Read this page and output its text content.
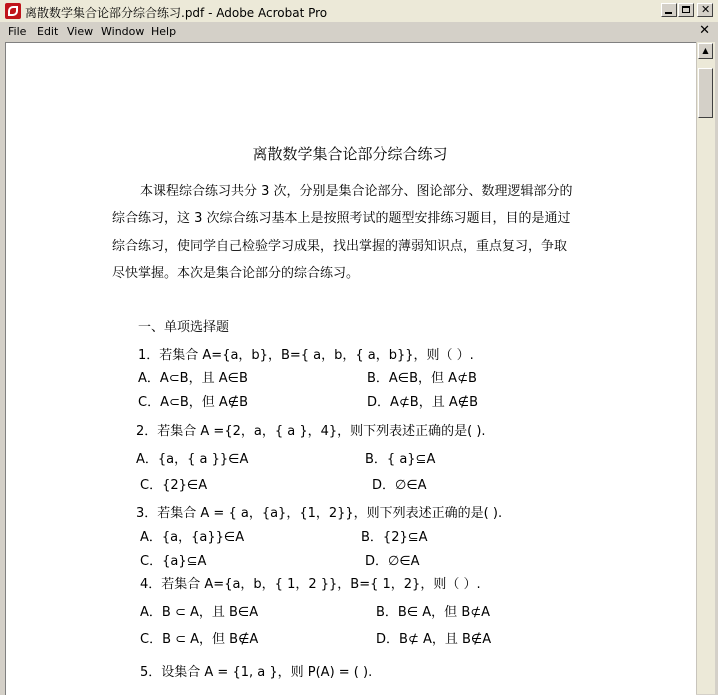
离散数学集合论部分综合练习.pdf - Adobe Acrobat Pro	✕
File Edit View Window Help	✕
▲
离散数学集合论部分综合练习
本课程综合练习共分 3 次，分别是集合论部分、图论部分、数理逻辑部分的
综合练习，这 3 次综合练习基本上是按照考试的题型安排练习题目，目的是通过
综合练习，使同学自己检验学习成果，找出掌握的薄弱知识点，重点复习，争取
尽快掌握。本次是集合论部分的综合练习。
一、单项选择题
1．若集合 A={a，b}，B={ a，b，{ a，b}}，则（ ）.
A．A⊂B，且 A∈B	B．A∈B，但 A⊄B
C．A⊂B，但 A∉B	D．A⊄B，且 A∉B
2．若集合 A ={2，a，{ a }，4}，则下列表述正确的是( ).
A．{a，{ a }}∈A	B．{ a}⊆A
C．{2}∈A	D．∅∈A
3．若集合 A = { a，{a}，{1，2}}，则下列表述正确的是( ).
A．{a，{a}}∈A	B．{2}⊆A
C．{a}⊆A	D．∅∈A
4．若集合 A={a，b，{ 1，2 }}，B={ 1，2}，则（ ）.
A．B ⊂ A，且 B∈A	B．B∈ A，但 B⊄A
C．B ⊂ A，但 B∉A	D．B⊄ A，且 B∉A
5．设集合 A = {1, a }，则 P(A) = ( ).
